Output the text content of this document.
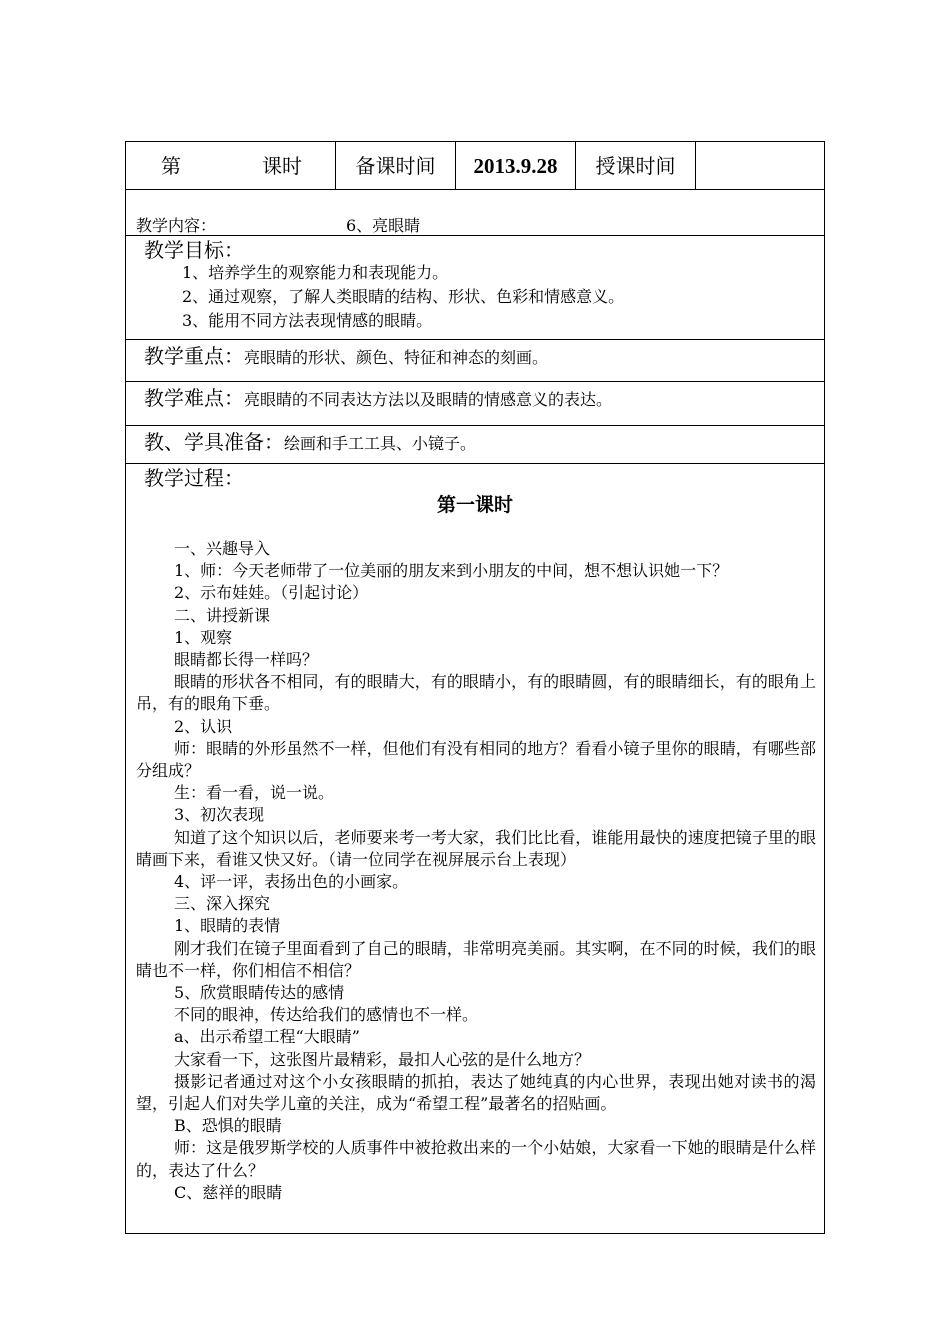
第	课时	备课时间	2013.9.28	授课时间
教学内容：	6、亮眼睛
教学目标：
1、培养学生的观察能力和表现能力。
2、通过观察，了解人类眼睛的结构、形状、色彩和情感意义。
3、能用不同方法表现情感的眼睛。
教学重点：亮眼睛的形状、颜色、特征和神态的刻画。
教学难点：亮眼睛的不同表达方法以及眼睛的情感意义的表达。
教、学具准备：绘画和手工工具、小镜子。
教学过程：
第一课时

一、兴趣导入

1、师：今天老师带了一位美丽的朋友来到小朋友的中间，想不想认识她一下？

2、示布娃娃。（引起讨论）

二、讲授新课

1、观察

眼睛都长得一样吗？

眼睛的形状各不相同，有的眼睛大，有的眼睛小，有的眼睛圆，有的眼睛细长，有的眼角上吊，有的眼角下垂。

2、认识

师：眼睛的外形虽然不一样，但他们有没有相同的地方？看看小镜子里你的眼睛，有哪些部分组成？

生：看一看，说一说。

3、初次表现

知道了这个知识以后，老师要来考一考大家，我们比比看，谁能用最快的速度把镜子里的眼睛画下来，看谁又快又好。（请一位同学在视屏展示台上表现）

4、评一评，表扬出色的小画家。

三、深入探究

1、眼睛的表情

刚才我们在镜子里面看到了自己的眼睛，非常明亮美丽。其实啊，在不同的时候，我们的眼睛也不一样，你们相信不相信？

5、欣赏眼睛传达的感情

不同的眼神，传达给我们的感情也不一样。

a、出示希望工程“大眼睛”

大家看一下，这张图片最精彩，最扣人心弦的是什么地方？

摄影记者通过对这个小女孩眼睛的抓拍，表达了她纯真的内心世界，表现出她对读书的渴望，引起人们对失学儿童的关注，成为“希望工程”最著名的招贴画。

B、恐惧的眼睛

师：这是俄罗斯学校的人质事件中被抢救出来的一个小姑娘，大家看一下她的眼睛是什么样的，表达了什么？

C、慈祥的眼睛
